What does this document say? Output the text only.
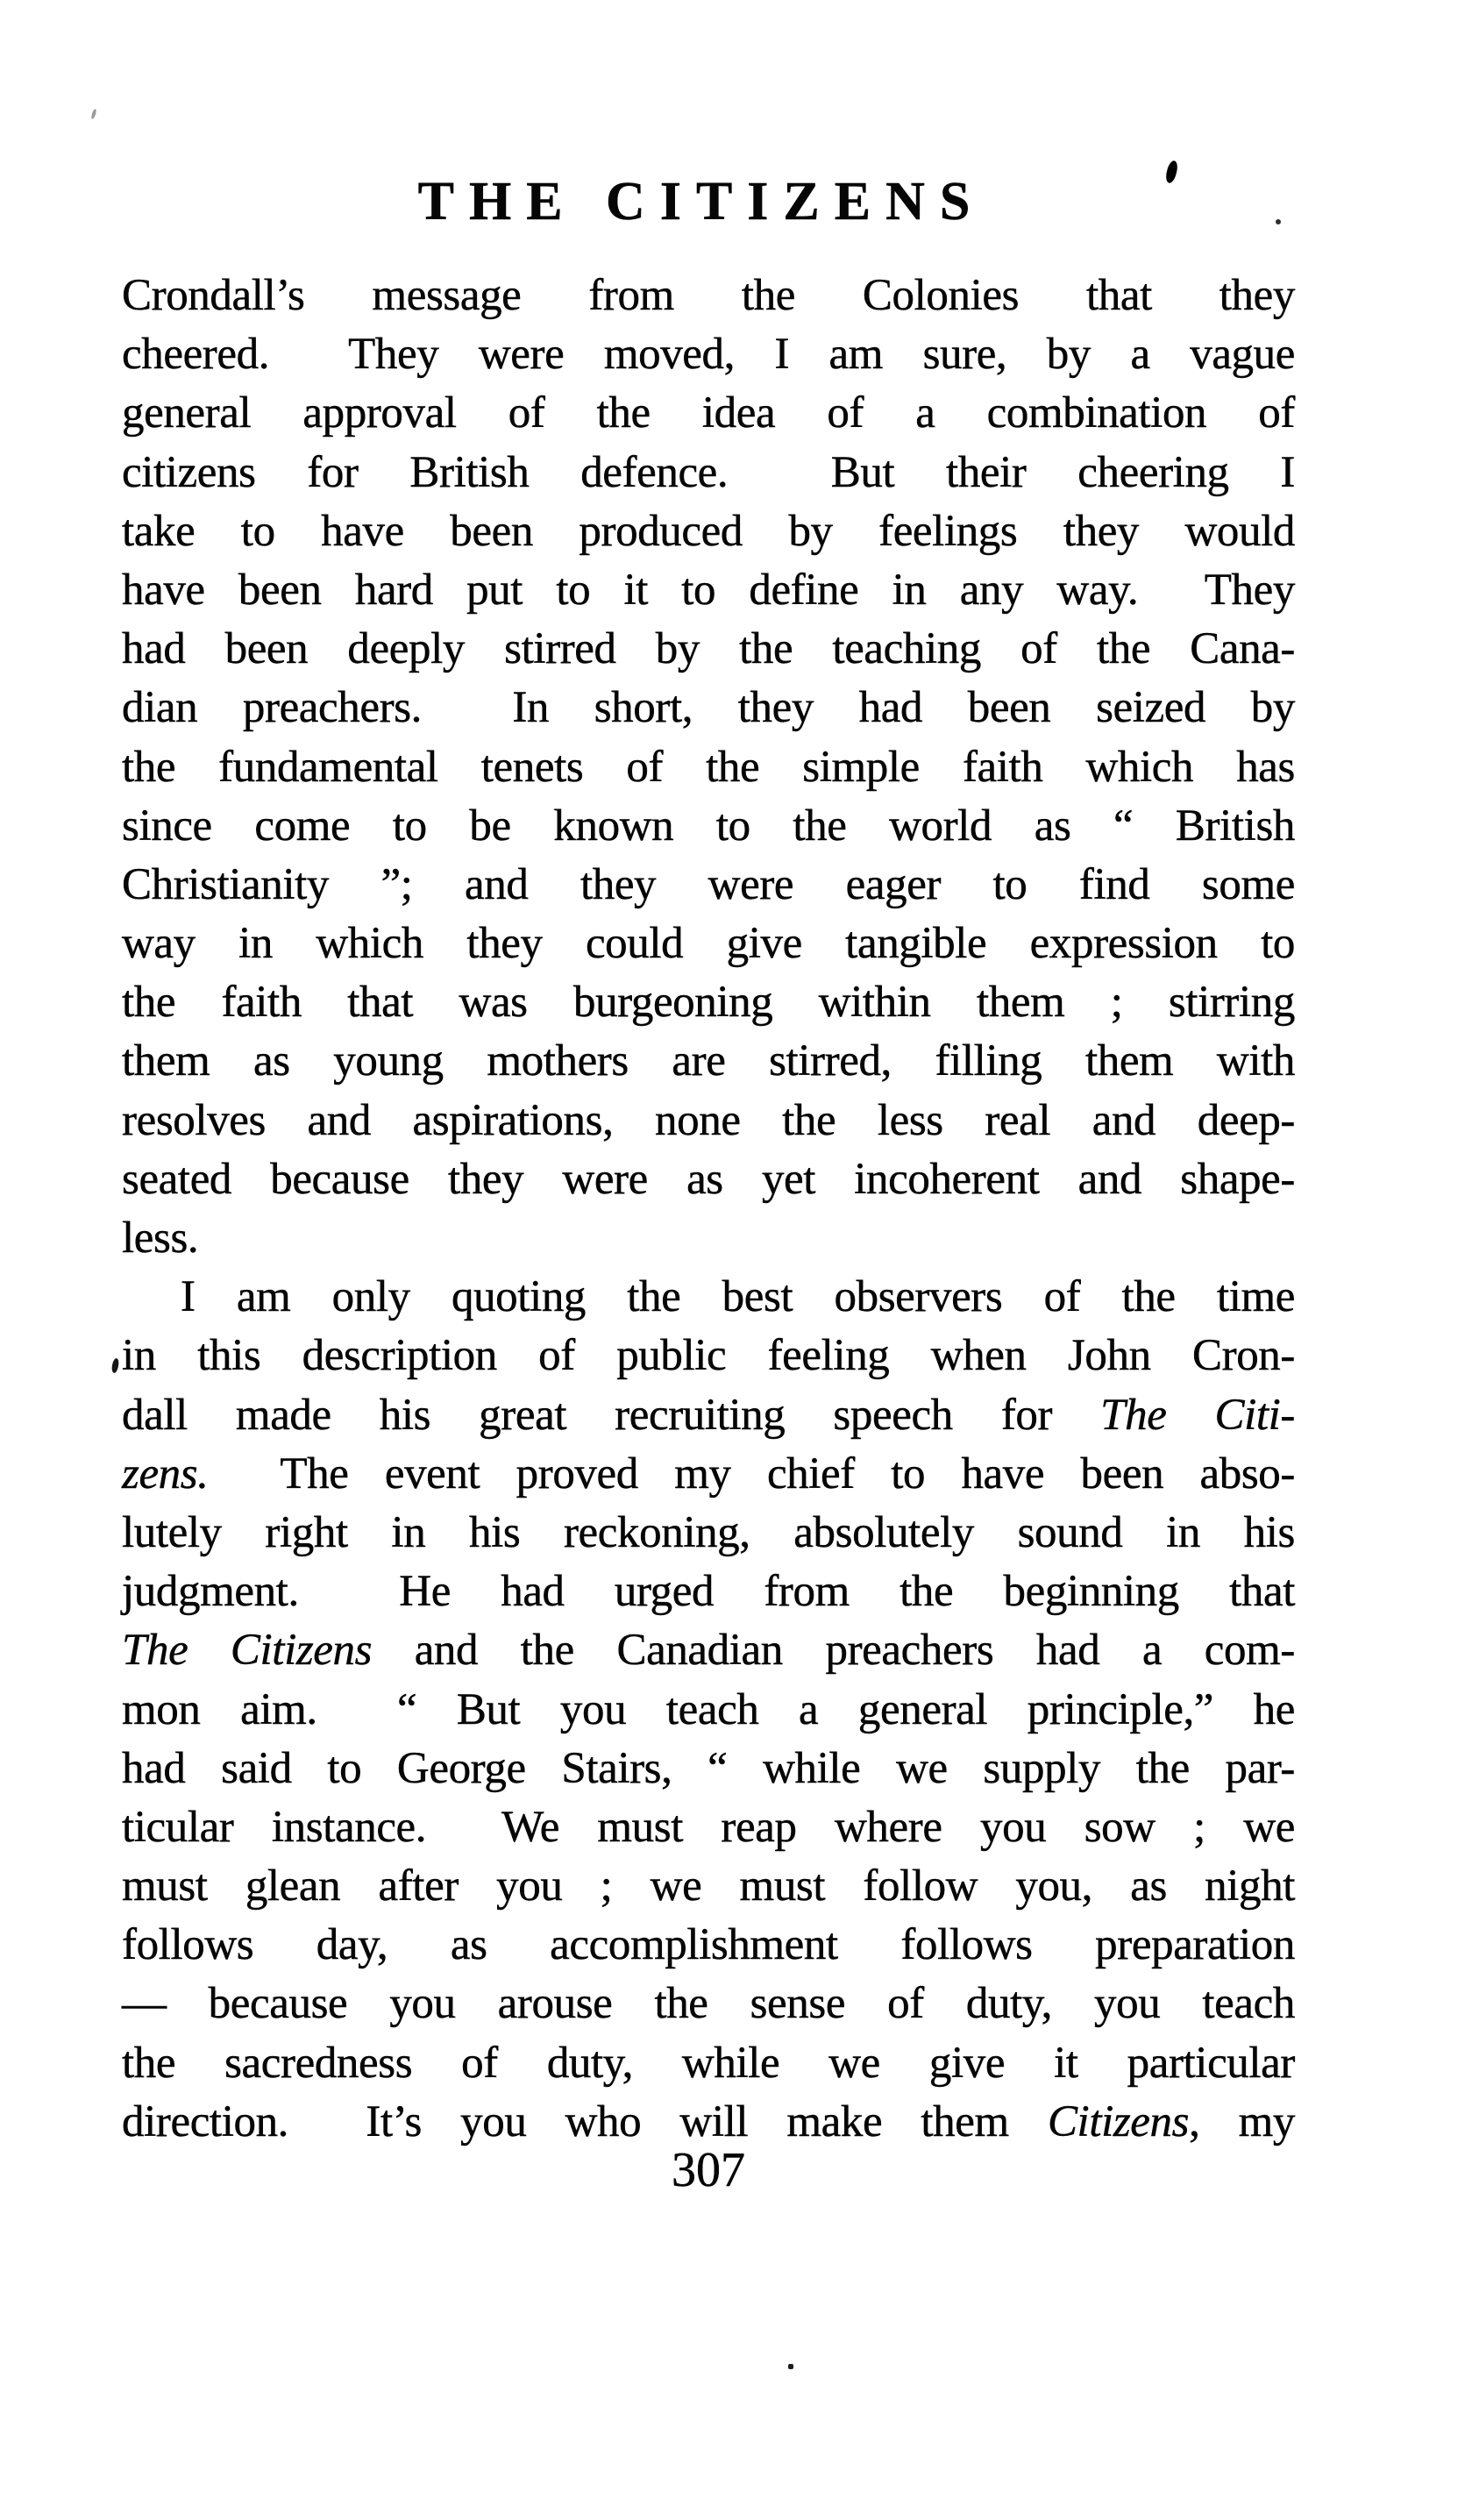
THE CITIZENS
Crondall’s message from the Colonies that they
cheered.  They were moved, I am sure, by a vague
general approval of the idea of a combination of
citizens for British defence.  But their cheering I
take to have been produced by feelings they would
have been hard put to it to define in any way.  They
had been deeply stirred by the teaching of the Cana-
dian preachers.  In short, they had been seized by
the fundamental tenets of the simple faith which has
since come to be known to the world as “ British
Christianity ”; and they were eager to find some
way in which they could give tangible expression to
the faith that was burgeoning within them ; stirring
them as young mothers are stirred, filling them with
resolves and aspirations, none the less real and deep-
seated because they were as yet incoherent and shape-
less.
I am only quoting the best observers of the time
in this description of public feeling when John Cron-
dall made his great recruiting speech for The Citi-
zens.  The event proved my chief to have been abso-
lutely right in his reckoning, absolutely sound in his
judgment.  He had urged from the beginning that
The Citizens and the Canadian preachers had a com-
mon aim.  “ But you teach a general principle,” he
had said to George Stairs, “ while we supply the par-
ticular instance.  We must reap where you sow ; we
must glean after you ; we must follow you, as night
follows day, as accomplishment follows preparation
— because you arouse the sense of duty, you teach
the sacredness of duty, while we give it particular
direction.  It’s you who will make them Citizens, my
307
